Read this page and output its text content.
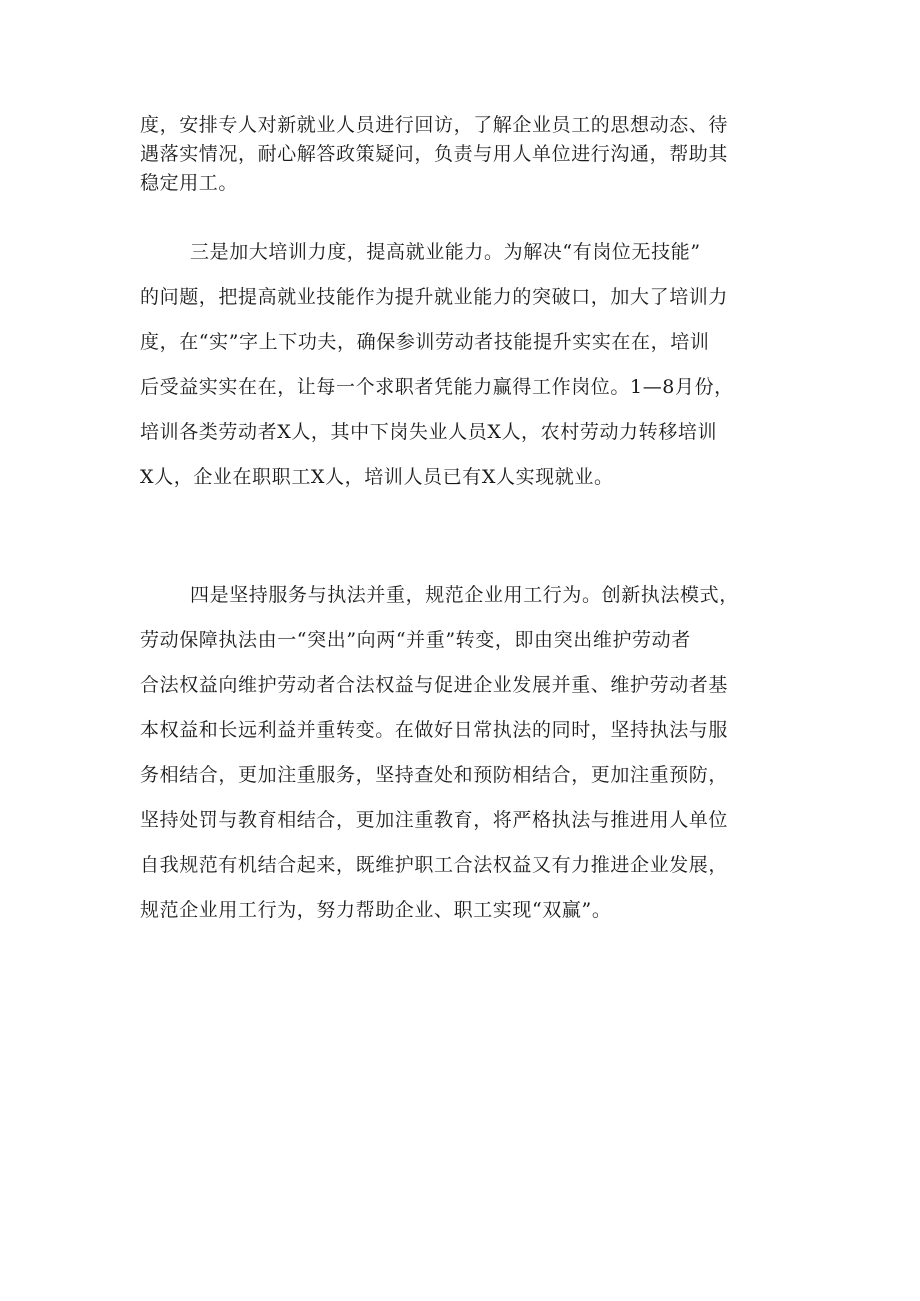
度，安排专人对新就业人员进行回访，了解企业员工的思想动态、待
遇落实情况，耐心解答政策疑问，负责与用人单位进行沟通，帮助其
稳定用工。

三是加大培训力度，提高就业能力。为解决“有岗位无技能”
的问题，把提高就业技能作为提升就业能力的突破口，加大了培训力
度，在“实”字上下功夫，确保参训劳动者技能提升实实在在，培训
后受益实实在在，让每一个求职者凭能力赢得工作岗位。1—8月份，
培训各类劳动者X人，其中下岗失业人员X人，农村劳动力转移培训
X人，企业在职职工X人，培训人员已有X人实现就业。

四是坚持服务与执法并重，规范企业用工行为。创新执法模式，
劳动保障执法由一“突出”向两“并重”转变，即由突出维护劳动者
合法权益向维护劳动者合法权益与促进企业发展并重、维护劳动者基
本权益和长远利益并重转变。在做好日常执法的同时，坚持执法与服
务相结合，更加注重服务，坚持查处和预防相结合，更加注重预防，
坚持处罚与教育相结合，更加注重教育，将严格执法与推进用人单位
自我规范有机结合起来，既维护职工合法权益又有力推进企业发展，
规范企业用工行为，努力帮助企业、职工实现“双赢”。
